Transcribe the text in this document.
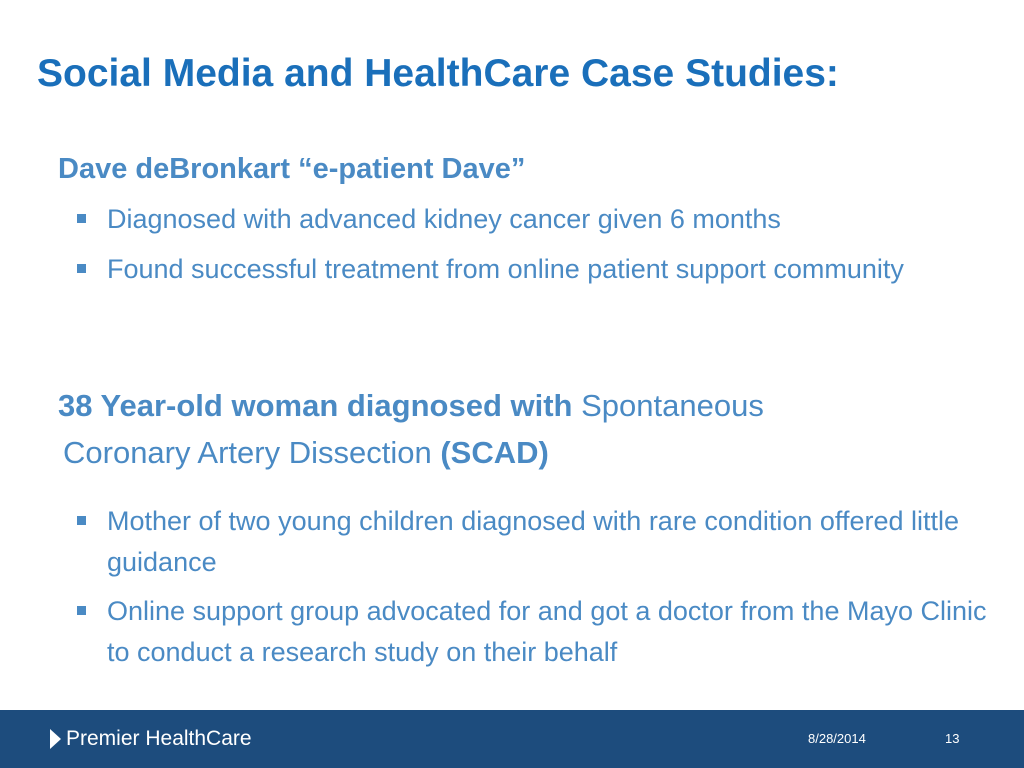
Social Media and HealthCare Case Studies:
Dave deBronkart “e-patient Dave”
Diagnosed with advanced kidney cancer given 6 months
Found successful treatment from online patient support community
38 Year-old woman diagnosed with Spontaneous
Coronary Artery Dissection (SCAD)
Mother of two young children diagnosed with rare condition offered little guidance
Online support group advocated for and got a doctor from the Mayo Clinic to conduct a research study on their behalf
Premier HealthCare	8/28/2014	13
